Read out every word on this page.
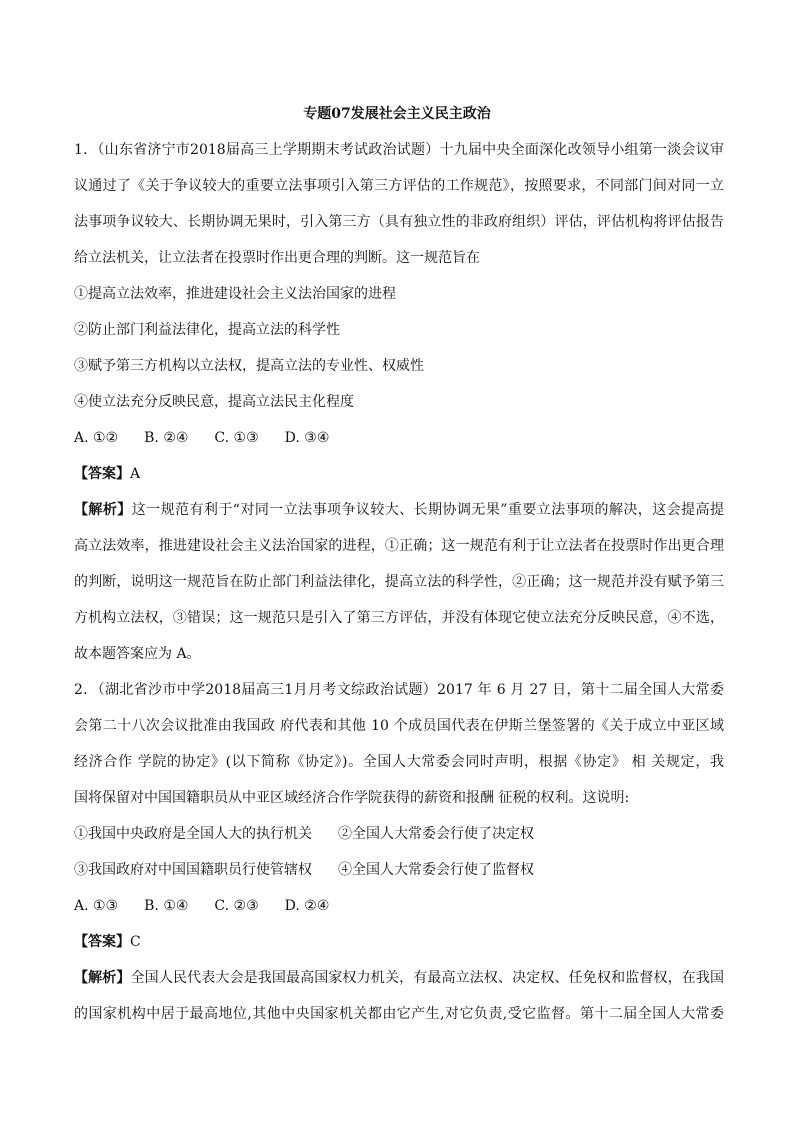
专题07发展社会主义民主政治
1．（山东省济宁市2018届高三上学期期末考试政治试题）十九届中央全面深化改领导小组第一淡会议审
议通过了《关于争议较大的重要立法事项引入第三方评估的工作规范》，按照要求，不同部门间对同一立
法事项争议较大、长期协调无果时，引入第三方（具有独立性的非政府组织）评估，评估机构将评估报告
给立法机关，让立法者在投票时作出更合理的判断。这一规范旨在
①提高立法效率，推进建设社会主义法治国家的进程
②防止部门利益法律化，提高立法的科学性
③赋予第三方机构以立法权，提高立法的专业性、权威性
④使立法充分反映民意，提高立法民主化程度
A. ①② B. ②④ C. ①③ D. ③④
【答案】A
【解析】这一规范有利于“对同一立法事项争议较大、长期协调无果”重要立法事项的解决，这会提高提
高立法效率，推进建设社会主义法治国家的进程，①正确；这一规范有利于让立法者在投票时作出更合理
的判断，说明这一规范旨在防止部门利益法律化，提高立法的科学性，②正确；这一规范并没有赋予第三
方机构立法权，③错误；这一规范只是引入了第三方评估，并没有体现它使立法充分反映民意，④不选，
故本题答案应为 A。
2．（湖北省沙市中学2018届高三1月月考文综政治试题）2017 年 6 月 27 日，第十二届全国人大常委
会第二十八次会议批准由我国政 府代表和其他 10 个成员国代表在伊斯兰堡签署的《关于成立中亚区域
经济合作 学院的协定》(以下简称《协定》)。全国人大常委会同时声明，根据《协定》 相 关规定，我
国将保留对中国国籍职员从中亚区域经济合作学院获得的薪资和报酬 征税的权利。这说明:
①我国中央政府是全国人大的执行机关 ②全国人大常委会行使了决定权
③我国政府对中国国籍职员行使管辖权 ④全国人大常委会行使了监督权
A. ①③ B. ①④ C. ②③ D. ②④
【答案】C
【解析】全国人民代表大会是我国最高国家权力机关，有最高立法权、决定权、任免权和监督权，在我国
的国家机构中居于最高地位,其他中央国家机关都由它产生,对它负责,受它监督。第十二届全国人大常委
